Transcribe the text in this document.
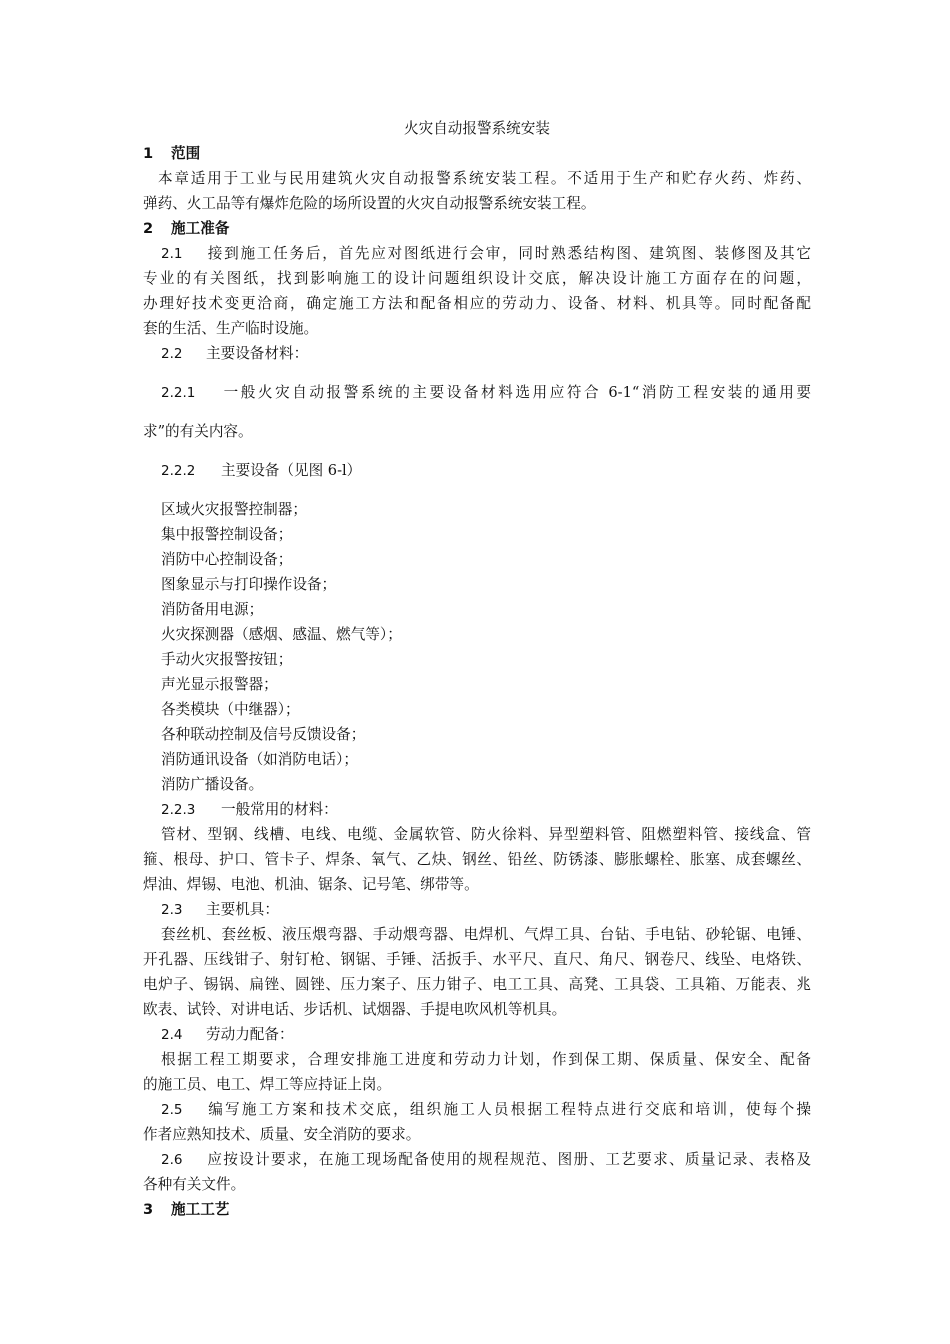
火灾自动报警系统安装
1 范围
本章适用于工业与民用建筑火灾自动报警系统安装工程。不适用于生产和贮存火药、炸药、
弹药、火工品等有爆炸危险的场所设置的火灾自动报警系统安装工程。
2 施工准备
2.1 接到施工任务后，首先应对图纸进行会审，同时熟悉结构图、建筑图、装修图及其它
专业的有关图纸，找到影响施工的设计问题组织设计交底，解决设计施工方面存在的问题，
办理好技术变更洽商，确定施工方法和配备相应的劳动力、设备、材料、机具等。同时配备配
套的生活、生产临时设施。
2.2 主要设备材料：
2.2.1 一般火灾自动报警系统的主要设备材料选用应符合 6-1“消防工程安装的通用要
求”的有关内容。
2.2.2 主要设备（见图 6-l）
区域火灾报警控制器；
集中报警控制设备；
消防中心控制设备；
图象显示与打印操作设备；
消防备用电源；
火灾探测器（感烟、感温、燃气等）；
手动火灾报警按钮；
声光显示报警器；
各类模块（中继器）；
各种联动控制及信号反馈设备；
消防通讯设备（如消防电话）；
消防广播设备。
2.2.3 一般常用的材料：
管材、型钢、线槽、电线、电缆、金属软管、防火徐料、异型塑料管、阻燃塑料管、接线盒、管
箍、根母、护口、管卡子、焊条、氧气、乙炔、钢丝、铅丝、防锈漆、膨胀螺栓、胀塞、成套螺丝、
焊油、焊锡、电池、机油、锯条、记号笔、绑带等。
2.3 主要机具：
套丝机、套丝板、液压煨弯器、手动煨弯器、电焊机、气焊工具、台钻、手电钻、砂轮锯、电锤、
开孔器、压线钳子、射钉枪、钢锯、手锤、活扳手、水平尺、直尺、角尺、钢卷尺、线坠、电烙铁、
电炉子、锡锅、扁锉、圆锉、压力案子、压力钳子、电工工具、高凳、工具袋、工具箱、万能表、兆
欧表、试铃、对讲电话、步话机、试烟器、手提电吹风机等机具。
2.4 劳动力配备：
根据工程工期要求，合理安排施工进度和劳动力计划，作到保工期、保质量、保安全、配备
的施工员、电工、焊工等应持证上岗。
2.5 编写施工方案和技术交底，组织施工人员根据工程特点进行交底和培训，使每个操
作者应熟知技术、质量、安全消防的要求。
2.6 应按设计要求，在施工现场配备使用的规程规范、图册、工艺要求、质量记录、表格及
各种有关文件。
3 施工工艺
